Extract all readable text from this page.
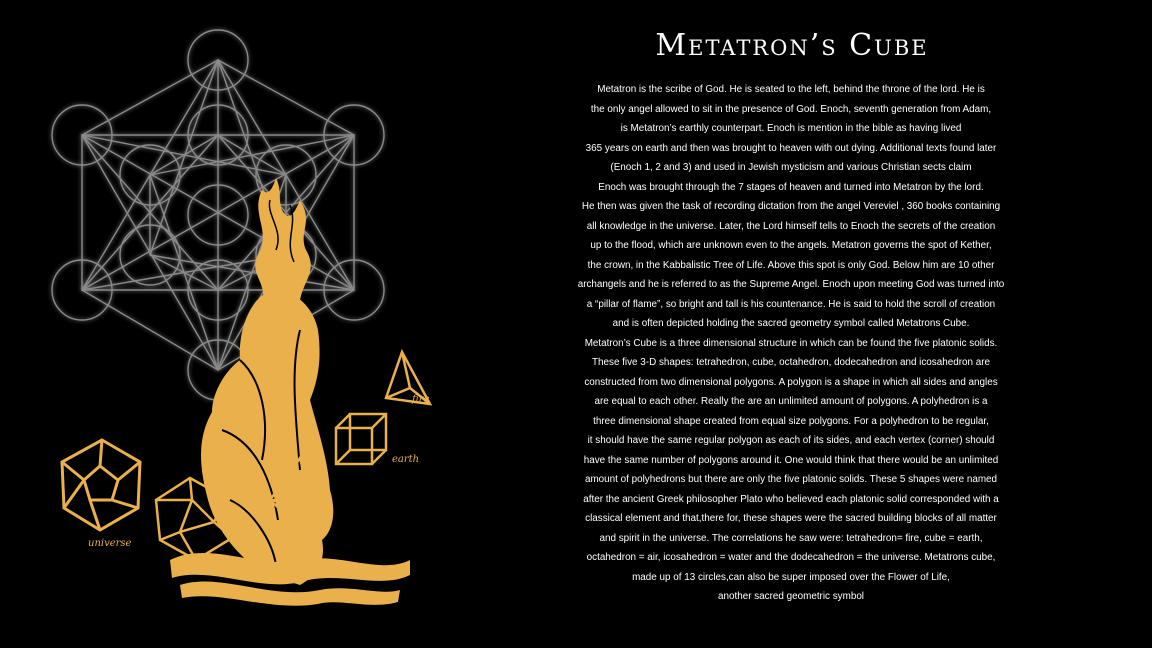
fire
earth
air
water
universe
Metatron’s Cube
Metatron is the scribe of God. He is seated to the left, behind the throne of the lord. He is
the only angel allowed to sit in the presence of God. Enoch, seventh generation from Adam,
is Metatron’s earthly counterpart. Enoch is mention in the bible as having lived
365 years on earth and then was brought to heaven with out dying. Additional texts found later
(Enoch 1, 2 and 3) and used in Jewish mysticism and various Christian sects claim
Enoch was brought through the 7 stages of heaven and turned into Metatron by the lord.
He then was given the task of recording dictation from the angel Vereviel , 360 books containing
all knowledge in the universe. Later, the Lord himself tells to Enoch the secrets of the creation
up to the flood, which are unknown even to the angels. Metatron governs the spot of Kether,
the crown, in the Kabbalistic Tree of Life. Above this spot is only God. Below him are 10 other
archangels and he is referred to as the Supreme Angel. Enoch upon meeting God was turned into
a “pillar of flame”, so bright and tall is his countenance. He is said to hold the scroll of creation
and is often depicted holding the sacred geometry symbol called Metatrons Cube.
Metatron’s Cube is a three dimensional structure in which can be found the five platonic solids.
These five 3-D shapes: tetrahedron, cube, octahedron, dodecahedron and icosahedron are
constructed from two dimensional polygons. A polygon is a shape in which all sides and angles
are equal to each other. Really the are an unlimited amount of polygons. A polyhedron is a
three dimensional shape created from equal size polygons. For a polyhedron to be regular,
it should have the same regular polygon as each of its sides, and each vertex (corner) should
have the same number of polygons around it. One would think that there would be an unlimited
amount of polyhedrons but there are only the five platonic solids. These 5 shapes were named
after the ancient Greek philosopher Plato who believed each platonic solid corresponded with a
classical element and that,there for, these shapes were the sacred building blocks of all matter
and spirit in the universe. The correlations he saw were: tetrahedron= fire, cube = earth,
octahedron = air, icosahedron = water and the dodecahedron = the universe. Metatrons cube,
made up of 13 circles,can also be super imposed over the Flower of Life,
another sacred geometric symbol
